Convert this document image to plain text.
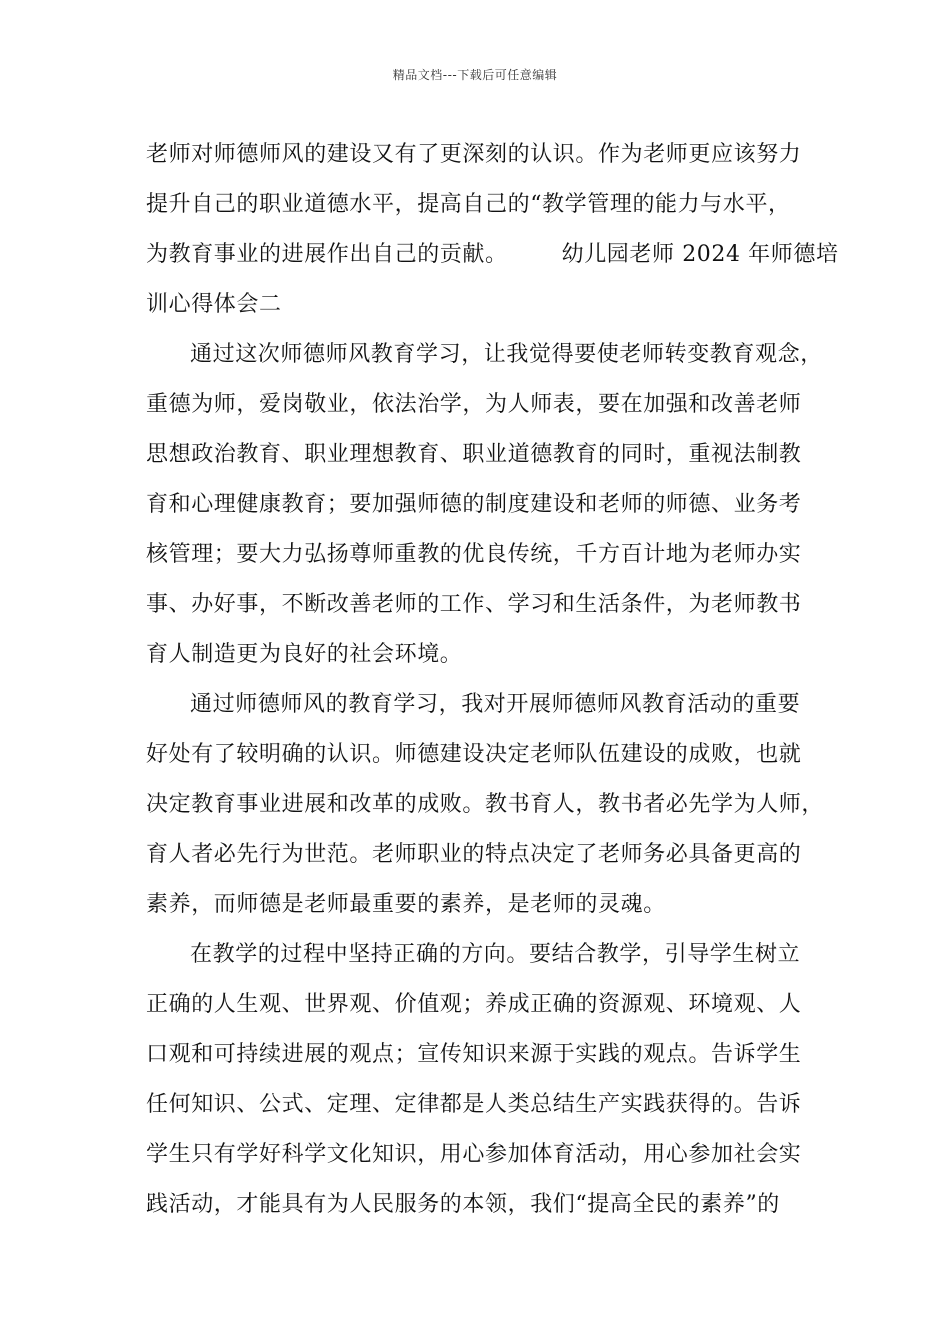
精品文档---下载后可任意编辑
老师对师德师风的建设又有了更深刻的认识。作为老师更应该努力
提升自己的职业道德水平，提高自己的“教学管理的能力与水平，
为教育事业的进展作出自己的贡献。 幼儿园老师 2024 年师德培
训心得体会二
通过这次师德师风教育学习，让我觉得要使老师转变教育观念，
重德为师，爱岗敬业，依法治学，为人师表，要在加强和改善老师
思想政治教育、职业理想教育、职业道德教育的同时，重视法制教
育和心理健康教育；要加强师德的制度建设和老师的师德、业务考
核管理；要大力弘扬尊师重教的优良传统，千方百计地为老师办实
事、办好事，不断改善老师的工作、学习和生活条件，为老师教书
育人制造更为良好的社会环境。
通过师德师风的教育学习，我对开展师德师风教育活动的重要
好处有了较明确的认识。师德建设决定老师队伍建设的成败，也就
决定教育事业进展和改革的成败。教书育人，教书者必先学为人师，
育人者必先行为世范。老师职业的特点决定了老师务必具备更高的
素养，而师德是老师最重要的素养，是老师的灵魂。
在教学的过程中坚持正确的方向。要结合教学，引导学生树立
正确的人生观、世界观、价值观；养成正确的资源观、环境观、人
口观和可持续进展的观点；宣传知识来源于实践的观点。告诉学生
任何知识、公式、定理、定律都是人类总结生产实践获得的。告诉
学生只有学好科学文化知识，用心参加体育活动，用心参加社会实
践活动，才能具有为人民服务的本领，我们“提高全民的素养”的
